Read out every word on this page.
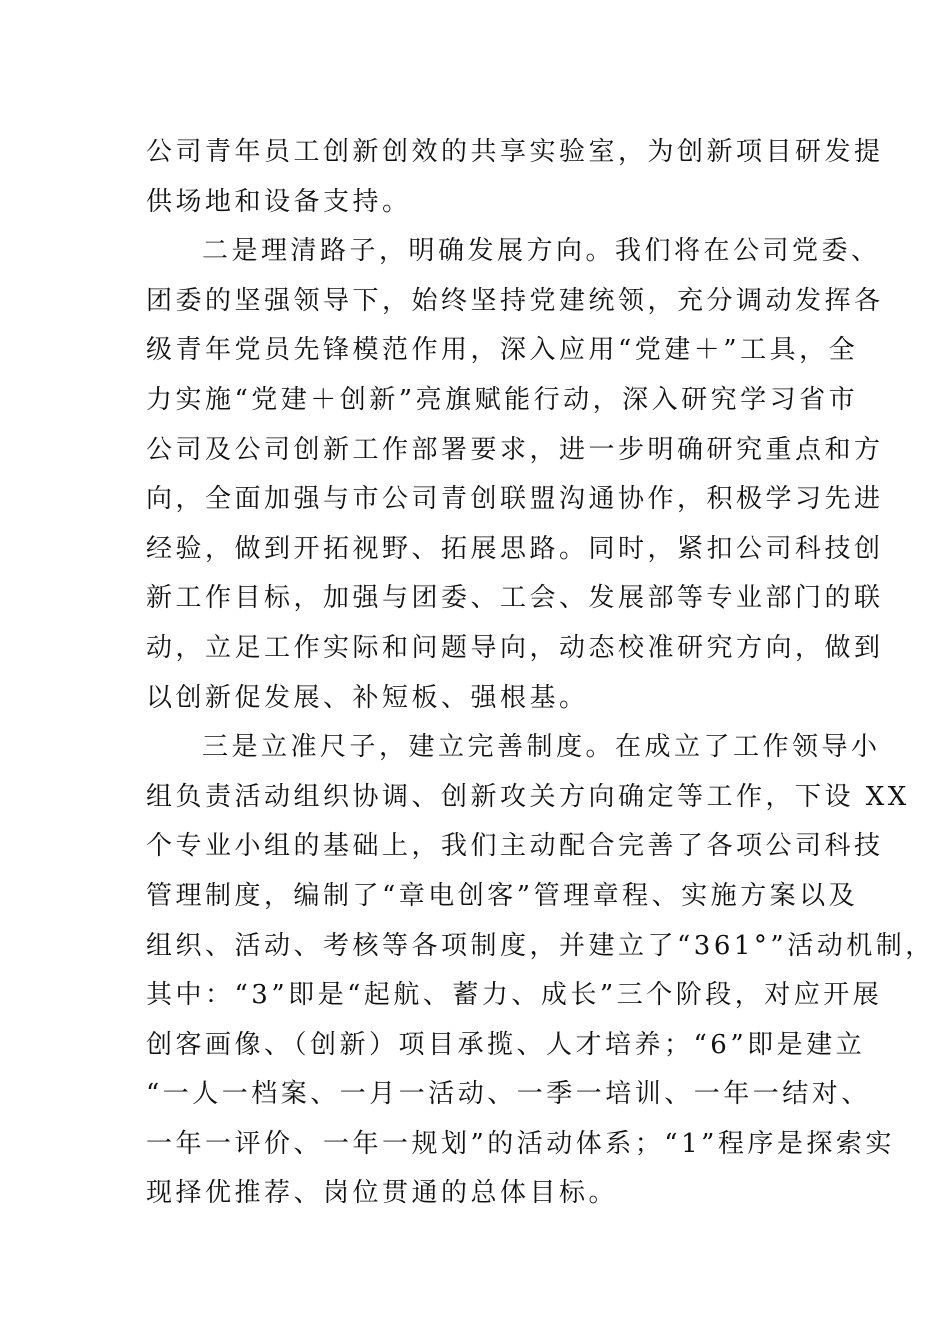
公司青年员工创新创效的共享实验室，为创新项目研发提
供场地和设备支持。
二是理清路子，明确发展方向。我们将在公司党委、
团委的坚强领导下，始终坚持党建统领，充分调动发挥各
级青年党员先锋模范作用，深入应用“党建＋”工具，全
力实施“党建＋创新”亮旗赋能行动，深入研究学习省市
公司及公司创新工作部署要求，进一步明确研究重点和方
向，全面加强与市公司青创联盟沟通协作，积极学习先进
经验，做到开拓视野、拓展思路。同时，紧扣公司科技创
新工作目标，加强与团委、工会、发展部等专业部门的联
动，立足工作实际和问题导向，动态校准研究方向，做到
以创新促发展、补短板、强根基。
三是立准尺子，建立完善制度。在成立了工作领导小
组负责活动组织协调、创新攻关方向确定等工作，下设 XX
个专业小组的基础上，我们主动配合完善了各项公司科技
管理制度，编制了“章电创客”管理章程、实施方案以及
组织、活动、考核等各项制度，并建立了“361°”活动机制，
其中：“3”即是“起航、蓄力、成长”三个阶段，对应开展
创客画像、（创新）项目承揽、人才培养；“6”即是建立
“一人一档案、一月一活动、一季一培训、一年一结对、
一年一评价、一年一规划”的活动体系；“1”程序是探索实
现择优推荐、岗位贯通的总体目标。
